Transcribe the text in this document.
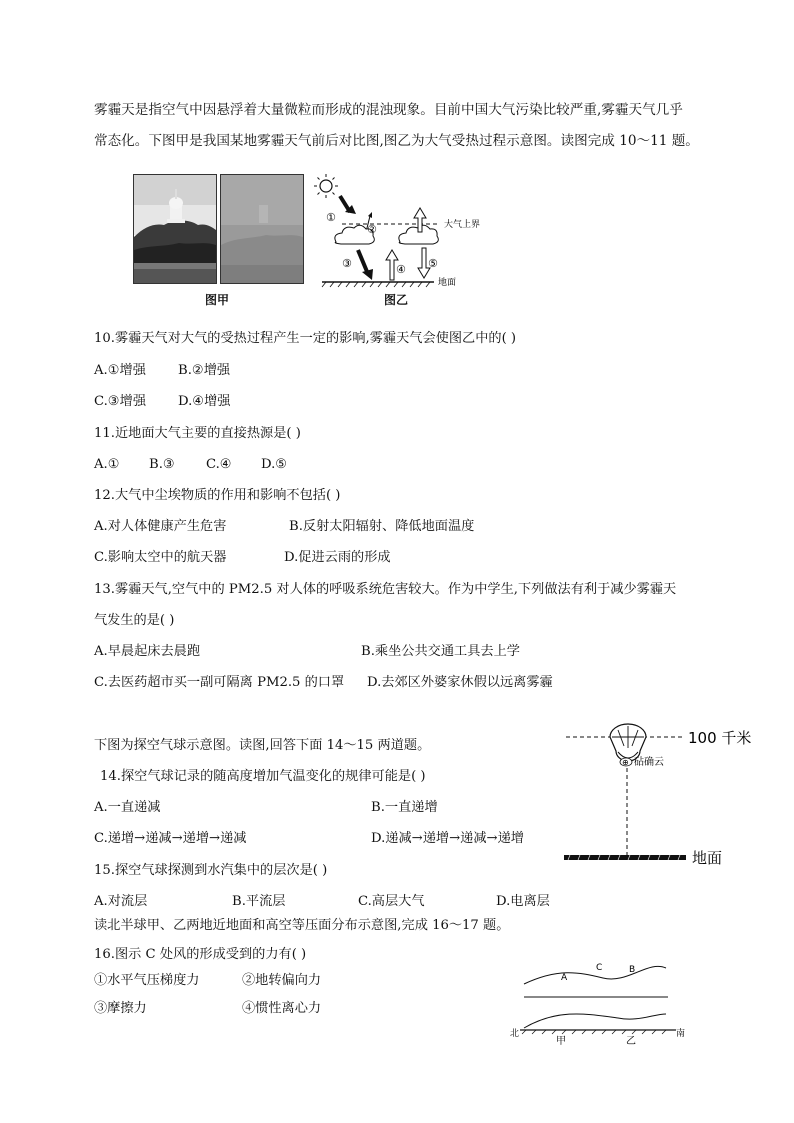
雾霾天是指空气中因悬浮着大量微粒而形成的混浊现象。目前中国大气污染比较严重,雾霾天气几乎
常态化。下图甲是我国某地雾霾天气前后对比图,图乙为大气受热过程示意图。读图完成 10～11 题。
图甲
①
②
③	④ ⑤
大气上界
地面
图乙
10.雾霾天气对大气的受热过程产生一定的影响,雾霾天气会使图乙中的( )
A.①增强 B.②增强
C.③增强 D.④增强
11.近地面大气主要的直接热源是( )
A.① B.③ C.④ D.⑤
12.大气中尘埃物质的作用和影响不包括( )
A.对人体健康产生危害	B.反射太阳辐射、降低地面温度
C.影响太空中的航天器	D.促进云雨的形成
13.雾霾天气,空气中的 PM2.5 对人体的呼吸系统危害较大。作为中学生,下列做法有利于减少雾霾天
气发生的是( )
A.早晨起床去晨跑	B.乘坐公共交通工具去上学
C.去医药超市买一副可隔离 PM2.5 的口罩 D.去郊区外婆家休假以远离雾霾
下图为探空气球示意图。读图,回答下面 14～15 两道题。
⊕
100 千米
砧确云
地面
14.探空气球记录的随高度增加气温变化的规律可能是( )
A.一直递减	B.一直递增
C.递增→递减→递增→递减	D.递减→递增→递减→递增
15.探空气球探测到水汽集中的层次是( )
A.对流层	B.平流层	C.高层大气	D.电离层
读北半球甲、乙两地近地面和高空等压面分布示意图,完成 16～17 题。
16.图示 C 处风的形成受到的力有( )
①水平气压梯度力	②地转偏向力
③摩擦力	④惯性离心力
A
C	B
北	南
甲	乙
